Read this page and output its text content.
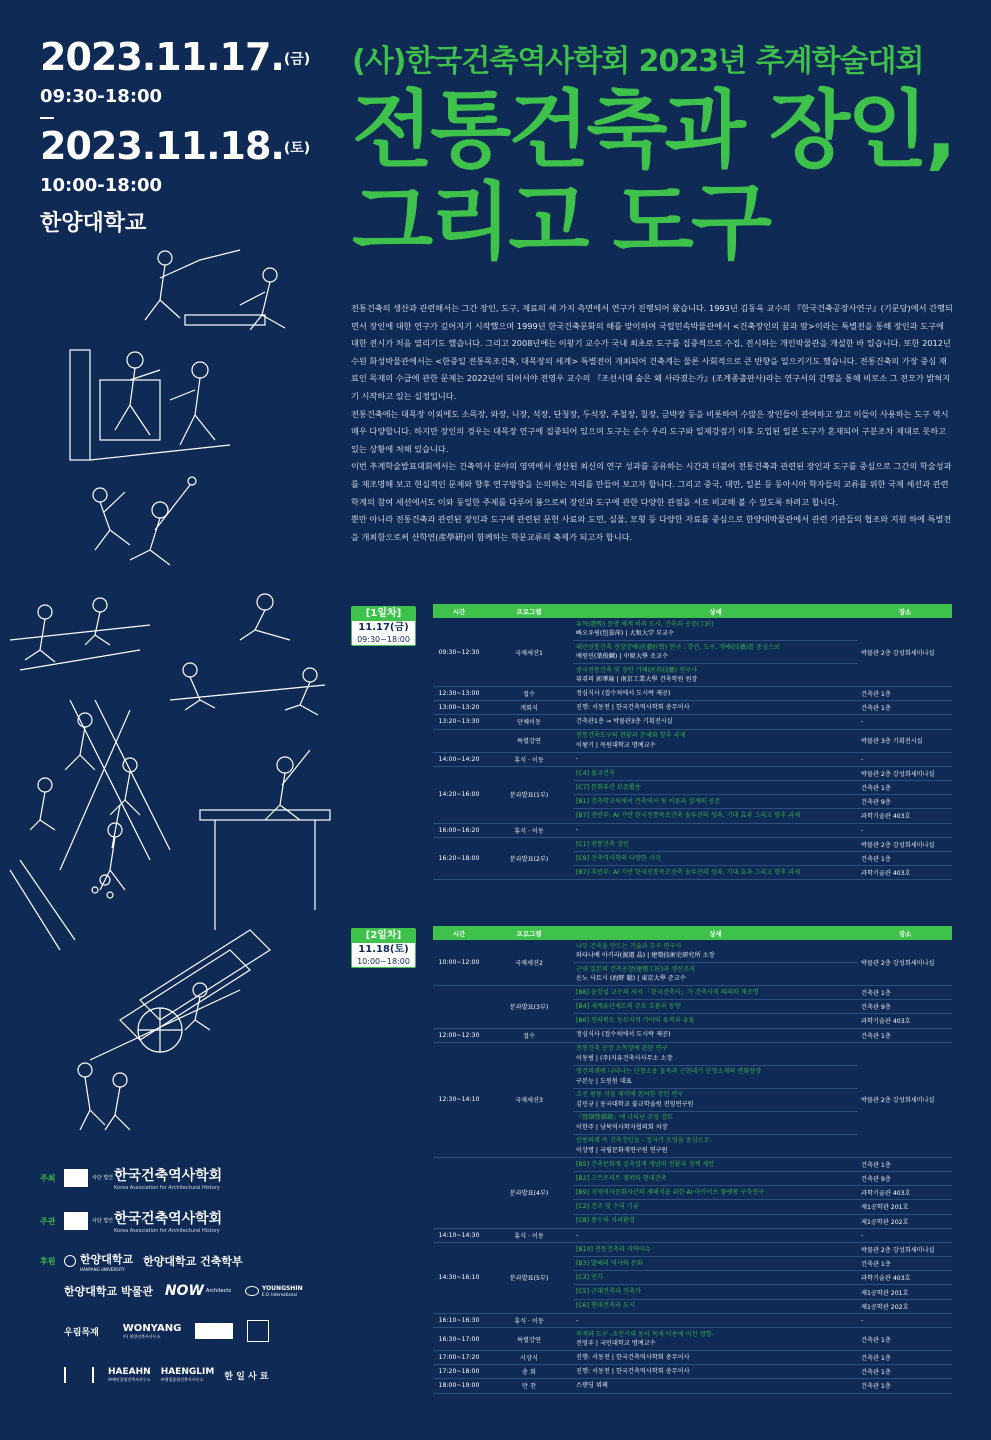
2023.11.17.(금)
09:30-18:00
2023.11.18.(토)
10:00-18:00
한양대학교
(사)한국건축역사학회 2023년 추계학술대회
전통건축과 장인,
그리고 도구

전통건축의 생산과 관련해서는 그간 장인, 도구, 재료의 세 가지 측면에서 연구가 진행되어 왔습니다. 1993년 김동욱 교수의 『한국건축공장사연구』(기문당)에서 간행되면서 장인에 대한 연구가 깊어지기 시작했으며 1999년 한국건축문화의 해를 맞이하여 국립민속박물관에서 <건축장인의 꿈과 땀>이라는 특별전을 통해 장인과 도구에 대한 전시가 처음 열리기도 했습니다. 그리고 2008년에는 이왕기 교수가 국내 최초로 도구를 집중적으로 수집, 전시하는 개인박물관을 개설한 바 있습니다. 또한 2012년 수원 화성박물관에서는 <한중일 전통목조건축, 대목장의 세계> 특별전이 개최되어 건축계는 물론 사회적으로 큰 반향을 일으키기도 했습니다. 전통건축의 가장 중심 재료인 목재의 수급에 관한 문제는 2022년이 되어서야 전영우 교수의 『조선시대 숲은 왜 사라졌는가』(조계종출판사)라는 연구서의 간행을 통해 비로소 그 전모가 밝혀지기 시작하고 있는 실정입니다.

전통건축에는 대목장 이외에도 소목장, 와장, 니장, 석장, 단청장, 두석장, 주철장, 칠장, 금박장 등을 비롯하여 수많은 장인들이 관여하고 있고 이들이 사용하는 도구 역시 매우 다양합니다. 하지만 장인의 경우는 대목장 연구에 집중되어 있으며 도구는 순수 우리 도구와 일제강점기 이후 도입된 일본 도구가 혼재되어 구분조차 제대로 못하고 있는 상황에 처해 있습니다.

이번 추계학술발표대회에서는 건축역사 분야의 영역에서 생산된 최신의 연구 성과를 공유하는 시간과 더불어 전통건축과 관련된 장인과 도구를 중심으로 그간의 학술성과를 재조명해 보고 현실적인 문제와 향후 연구방향을 논의하는 자리를 만들어 보고자 합니다. 그리고 중국, 대만, 일본 등 동아시아 학자들의 교류를 위한 국제 세션과 관련 학계의 참여 세션에서도 이와 동일한 주제를 다루어 봄으로써 장인과 도구에 관한 다양한 관점을 서로 비교해 볼 수 있도록 하려고 합니다.

뿐만 아니라 전통건축과 관련된 장인과 도구에 관련된 문헌 사료와 도면, 실물, 모형 등 다양한 자료를 중심으로 한양대박물관에서 관련 기관들의 협조와 지원 하에 특별전을 개최함으로써 산학연(産學硏)이 함께하는 학문교류의 축제가 되고자 합니다.

[1일차]
11.17(금)
09:30~18:00
시간	프로그램	상세	장소
09:30~12:30	국제세션1	유목(遊牧) 문명 체계 하의 도시, 건축과 공장(工匠)
빠오우핑(包慕萍) | 大和大学 부교수	박물관 2층 강성희세미나실

		대만전통건축 전장장예(匠藝匠營) 연구 : 장인, 도구, 개예(技藝)를 중심으로
예원민(葉俊麟) | 中原大學 조교수	

		중국전통건축 및 장인 기예(匠作技藝) 연구사
뭐쥐의 郭華瑜 | 南京工業大學 건축학원 원장	

12:30~13:00	접수	정심식사 (접수처에서 도시락 제공)	건축관 1층
13:00~13:20	개회식	진행: 서동천 | 한국건축역사학회 총무이사	건축관 1층
13:20~13:30	단체이동	건축관1층 → 박물관3층 기획전시실	-
	특별강연	전통건축도구의 현황과 문제와 향후 과제
이왕기 | 목원대학교 명예교수	박물관 3층 기획전시실
14:00~14:20	휴식 · 이동	-	-
14:20~16:00	분과발표(1부)	[C4] 불교건축	박물관 2층 강성희세미나실

		[C7] 문화유산 보존활용	건축관 1층

		[B1] 건축학교육에서 건축역사 및 이론과 설계의 공존	건축관 9층

		[B7] 전반부: AI 기반 한국전통목조건축 솔루션의 성과, 기대 효과 그리고 향후 과제	과학기술관 403호
16:00~16:20	휴식 · 이동	-	-
16:20~18:00	분과발표(2부)	[C1] 전통건축 장인	박물관 2층 강성희세미나실

		[C9] 건축역사학의 다양한 시각	건축관 1층

		[B7] 후반부: AI 기반 한국전통목조건축 솔루션의 성과, 기대 효과 그리고 향후 과제	과학기술관 403호
[2일차]
11.18(토)
10:00~18:00
시간	프로그램	상세	장소
10:00~12:00	국제세션2	나무 건축을 만드는 기술과 도구 연구사
와타나베 아키라(渡邉 晶) | 建築技術史研究所 소장	박물관 2층 강성희세미나실

		근대 일본의 건축공장(建築工匠)과 생산조직
운노 사토시 (海野 聡) | 東京大學 준교수	

	분과발표(3부)	[B8] 윤장섭 교수의 저서 「한국건축사」가 건축사적 의의와 재조명	건축관 1층

		[B4] 세계유산제도의 주요 흐름과 동향	건축관 9층

		[B6] 전라북도 동부지역 가야의 유적과 유물	과학기술관 403호
12:00~12:30	접수	정심식사 (접수처에서 도시락 제공)	건축관 1층
12:30~14:10	국제세션3	전통건축 공장 소목장에 관한 연구
이동범 | (주)지유건축사사무소 소장	박물관 2층 강성희세미나실

		영건의궤에 나타나는 단청소용 물목과 근현대기 단청소재의 변화양상
구본능 | 도원원 대표	

		조선 왕릉 석물 제작에 참여한 장인 연구
김민규 | 동국대학교 불교학술원 전임연구원	

		『營繕營繕錄』에 나타난 조영 검토
이한주 | 남북역사학자협의회 차장	

		산릉의궤 속 건축장인들 - 정자각 조영을 중심으로-
이상명 | 국립문화재연구원 연구원	

	분과발표(4부)	[B5] 건축문화재 실측설계 개념의 전환과 정책 제안	건축관 1층

		[B2] 고트프리트 젬퍼와 현대건축	건축관 9층

		[B9] 지역역사문화자산의 재해석을 위한 AI·아카이브 플랫폼 구축연구	과학기술관 403호

		[C2] 건조 및 수리 기술	제1공학관 201호

		[C8] 풍수와 지리환경	제1공학관 202호
14:10~14:30	휴식 · 이동	-	-
14:30~16:10	분과발표(5부)	[B10] 전통건축과 지역이슈	박물관 2층 강성희세미나실

		[B3] 발해의 역사와 문화	건축관 1층

		[C3] 민가	과학기술관 403호

		[C5] 근대건축과 건축가	제1공학관 201호

		[C6] 현대건축과 도시	제1공학관 202호
16:10~16:30	휴식 · 이동	-	-
16:30~17:00	특별강연	목재와 도구 -조선시대 동이 목재 이용에 미친 영향-
전영우 | 국민대학교 명예교수	건축관 1층
17:00~17:20	시상식	진행: 서동천 | 한국건축역사학회 총무이사	건축관 1층
17:20~18:00	총 회	진행: 서동천 | 한국건축역사학회 총무이사	건축관 1층
18:00~19:00	만 찬	스탠딩 뷔페	건축관 1층
주최	사단 법인 한국건축역사학회
Korea Association for Architectural History
주관	사단 법인 한국건축역사학회
Korea Association for Architectural History
후원	한양대학교
HANYANG UNIVERSITY
한양대학교 건축학부
한양대학교 박물관 NOW Architects	YOUNGSHIN
E.O. International
우림목재 WONYANG
주) 원양건축사사무소
HAEAHN
㈜해안종합건축사사무소
HAENGLIM
㈜행림종합건축사사무소	한 일 사 료
